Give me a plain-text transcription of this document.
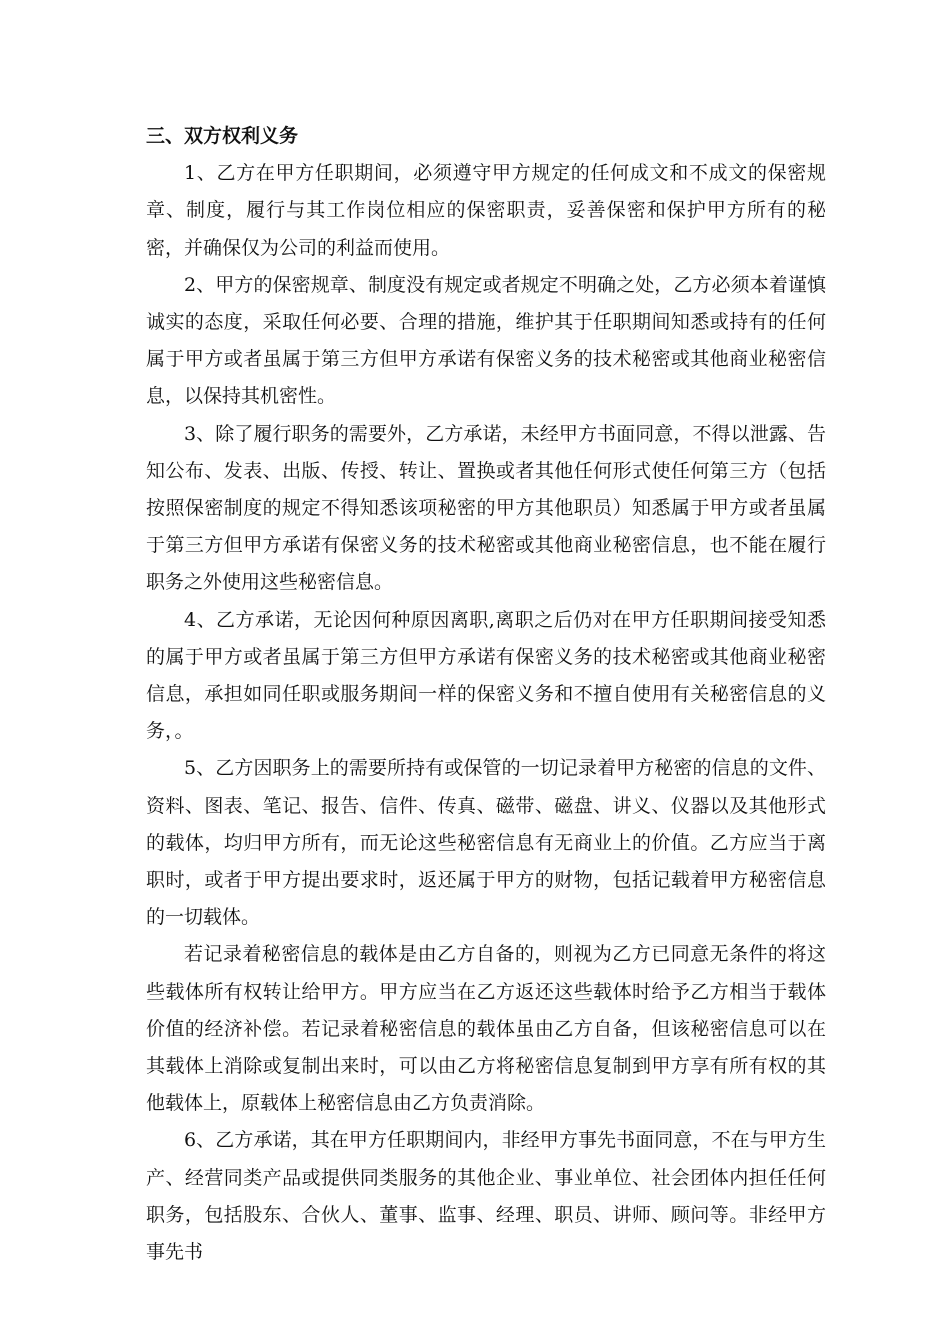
三、双方权利义务

1、乙方在甲方任职期间，必须遵守甲方规定的任何成文和不成文的保密规章、制度，履行与其工作岗位相应的保密职责，妥善保密和保护甲方所有的秘密，并确保仅为公司的利益而使用。

2、甲方的保密规章、制度没有规定或者规定不明确之处，乙方必须本着谨慎诚实的态度，采取任何必要、合理的措施，维护其于任职期间知悉或持有的任何属于甲方或者虽属于第三方但甲方承诺有保密义务的技术秘密或其他商业秘密信息，以保持其机密性。

3、除了履行职务的需要外，乙方承诺，未经甲方书面同意，不得以泄露、告知公布、发表、出版、传授、转让、置换或者其他任何形式使任何第三方（包括按照保密制度的规定不得知悉该项秘密的甲方其他职员）知悉属于甲方或者虽属于第三方但甲方承诺有保密义务的技术秘密或其他商业秘密信息，也不能在履行职务之外使用这些秘密信息。

4、乙方承诺，无论因何种原因离职,离职之后仍对在甲方任职期间接受知悉的属于甲方或者虽属于第三方但甲方承诺有保密义务的技术秘密或其他商业秘密信息，承担如同任职或服务期间一样的保密义务和不擅自使用有关秘密信息的义务，。

5、乙方因职务上的需要所持有或保管的一切记录着甲方秘密的信息的文件、资料、图表、笔记、报告、信件、传真、磁带、磁盘、讲义、仪器以及其他形式的载体，均归甲方所有，而无论这些秘密信息有无商业上的价值。乙方应当于离职时，或者于甲方提出要求时，返还属于甲方的财物，包括记载着甲方秘密信息的一切载体。

若记录着秘密信息的载体是由乙方自备的，则视为乙方已同意无条件的将这些载体所有权转让给甲方。甲方应当在乙方返还这些载体时给予乙方相当于载体价值的经济补偿。若记录着秘密信息的载体虽由乙方自备，但该秘密信息可以在其载体上消除或复制出来时，可以由乙方将秘密信息复制到甲方享有所有权的其他载体上，原载体上秘密信息由乙方负责消除。

6、乙方承诺，其在甲方任职期间内，非经甲方事先书面同意，不在与甲方生产、经营同类产品或提供同类服务的其他企业、事业单位、社会团体内担任任何职务，包括股东、合伙人、董事、监事、经理、职员、讲师、顾问等。非经甲方事先书
